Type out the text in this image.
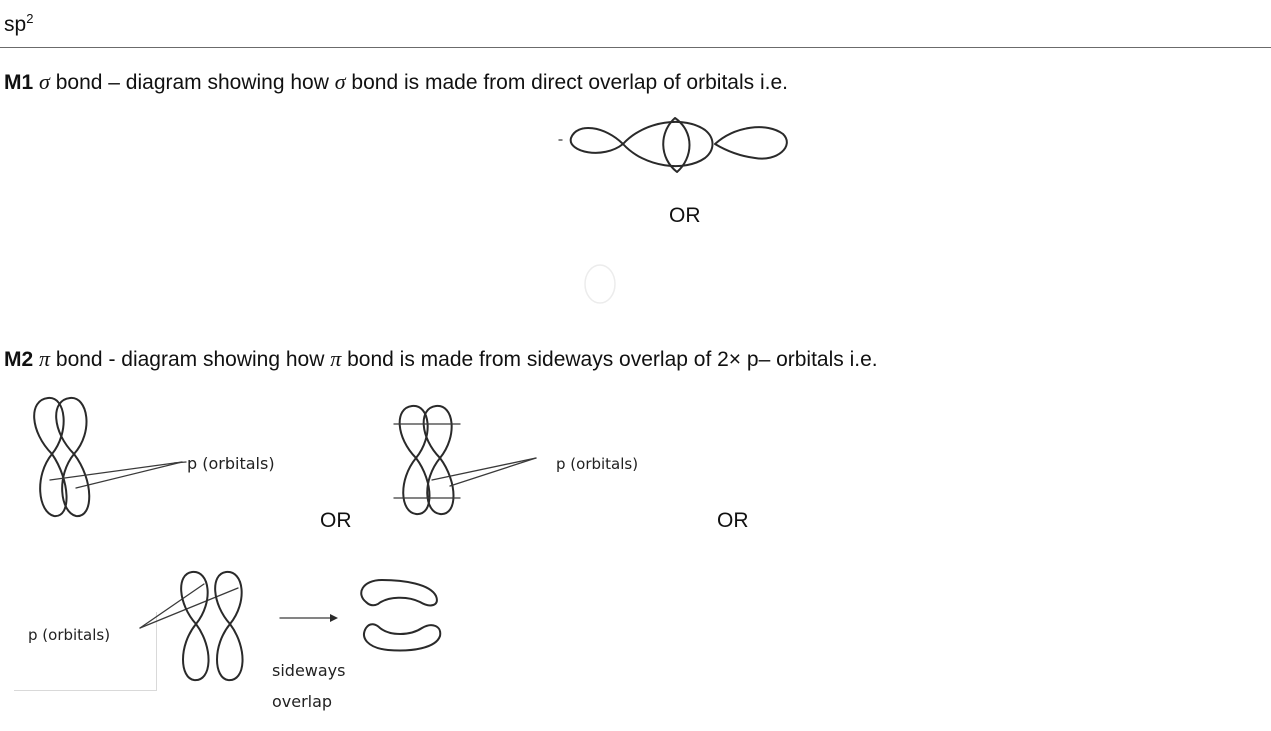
$sp^2$
M1 σ bond – diagram showing how σ bond is made from direct overlap of orbitals i.e.
OR
M2 π bond - diagram showing how π bond is made from sideways overlap of 2× p– orbitals i.e.
p (orbitals)
OR
p (orbitals)
OR
p (orbitals)
sideways
overlap
